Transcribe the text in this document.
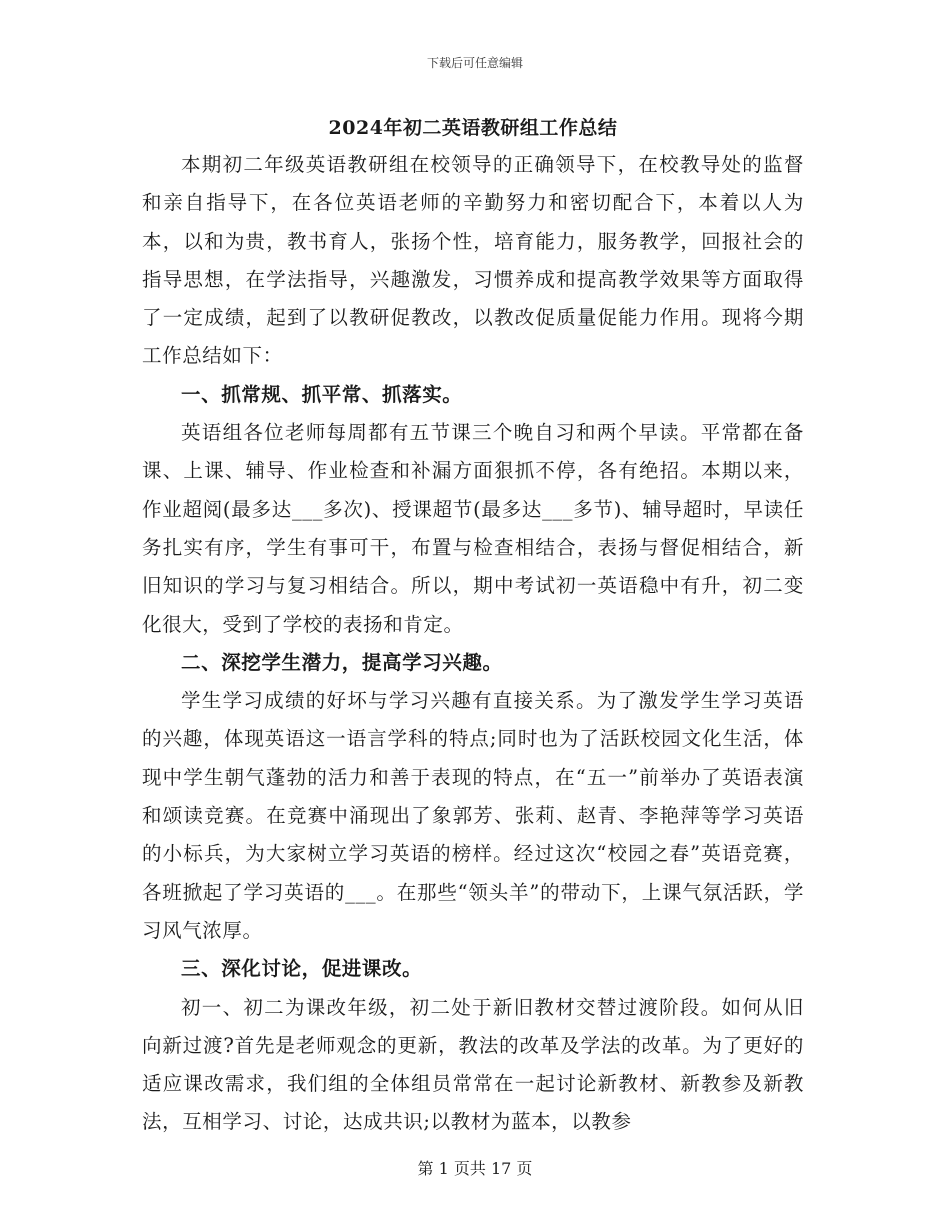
下载后可任意编辑
2024年初二英语教研组工作总结

本期初二年级英语教研组在校领导的正确领导下，在校教导处的监督和亲自指导下，在各位英语老师的辛勤努力和密切配合下，本着以人为本，以和为贵，教书育人，张扬个性，培育能力，服务教学，回报社会的指导思想，在学法指导，兴趣激发，习惯养成和提高教学效果等方面取得了一定成绩，起到了以教研促教改，以教改促质量促能力作用。现将今期工作总结如下：

一、抓常规、抓平常、抓落实。

英语组各位老师每周都有五节课三个晚自习和两个早读。平常都在备课、上课、辅导、作业检查和补漏方面狠抓不停，各有绝招。本期以来，作业超阅(最多达___多次)、授课超节(最多达___多节)、辅导超时，早读任务扎实有序，学生有事可干，布置与检查相结合，表扬与督促相结合，新旧知识的学习与复习相结合。所以，期中考试初一英语稳中有升，初二变化很大，受到了学校的表扬和肯定。

二、深挖学生潜力，提高学习兴趣。

学生学习成绩的好坏与学习兴趣有直接关系。为了激发学生学习英语的兴趣，体现英语这一语言学科的特点;同时也为了活跃校园文化生活，体现中学生朝气蓬勃的活力和善于表现的特点，在“五一”前举办了英语表演和颂读竞赛。在竞赛中涌现出了象郭芳、张莉、赵青、李艳萍等学习英语的小标兵，为大家树立学习英语的榜样。经过这次“校园之春”英语竞赛，各班掀起了学习英语的___。在那些“领头羊”的带动下，上课气氛活跃，学习风气浓厚。

三、深化讨论，促进课改。

初一、初二为课改年级，初二处于新旧教材交替过渡阶段。如何从旧向新过渡?首先是老师观念的更新，教法的改革及学法的改革。为了更好的适应课改需求，我们组的全体组员常常在一起讨论新教材、新教参及新教法，互相学习、讨论，达成共识;以教材为蓝本，以教参

第 1 页共 17 页
